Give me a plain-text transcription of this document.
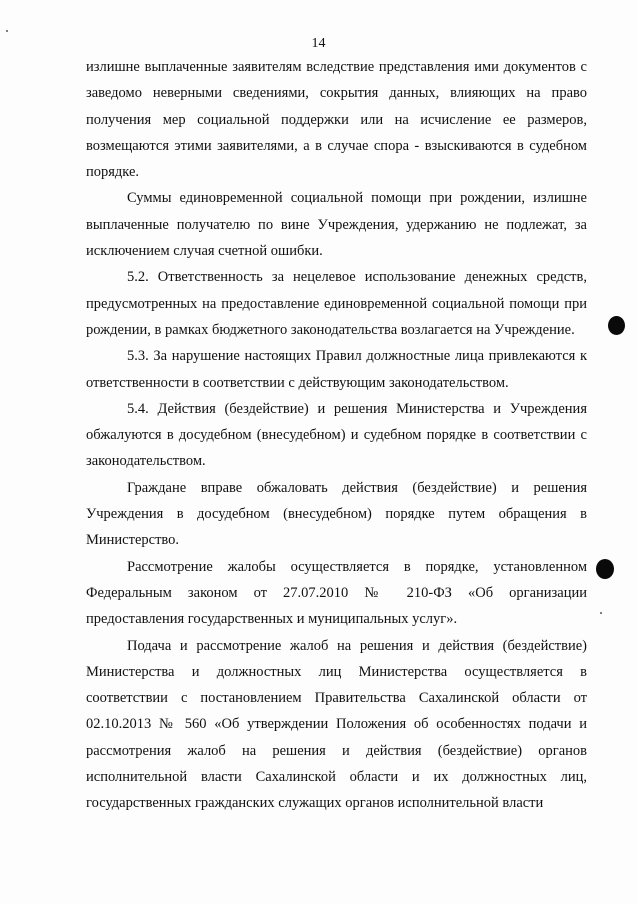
14

излишне выплаченные заявителям вследствие представления ими документов с заведомо неверными сведениями, сокрытия данных, влияющих на право получения мер социальной поддержки или на исчисление ее размеров, возмещаются этими заявителями, а в случае спора - взыскиваются в судебном порядке.

Суммы единовременной социальной помощи при рождении, излишне выплаченные получателю по вине Учреждения, удержанию не подлежат, за исключением случая счетной ошибки.

5.2. Ответственность за нецелевое использование денежных средств, предусмотренных на предоставление единовременной социальной помощи при рождении, в рамках бюджетного законодательства возлагается на Учреждение.

5.3. За нарушение настоящих Правил должностные лица привлекаются к ответственности в соответствии с действующим законодательством.

5.4. Действия (бездействие) и решения Министерства и Учреждения обжалуются в досудебном (внесудебном) и судебном порядке в соответствии с законодательством.

Граждане вправе обжаловать действия (бездействие) и решения Учреждения в досудебном (внесудебном) порядке путем обращения в Министерство.

Рассмотрение жалобы осуществляется в порядке, установленном Федеральным законом от 27.07.2010 № 210-ФЗ «Об организации предоставления государственных и муниципальных услуг».

Подача и рассмотрение жалоб на решения и действия (бездействие) Министерства и должностных лиц Министерства осуществляется в соответствии с постановлением Правительства Сахалинской области от 02.10.2013 № 560 «Об утверждении Положения об особенностях подачи и рассмотрения жалоб на решения и действия (бездействие) органов исполнительной власти Сахалинской области и их должностных лиц, государственных гражданских служащих органов исполнительной власти
